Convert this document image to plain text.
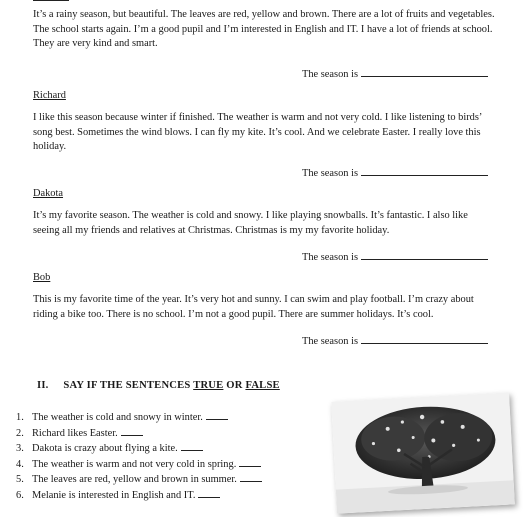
It’s a rainy season, but beautiful. The leaves are red, yellow and brown. There are a lot of fruits and vegetables. The school starts again. I’m a good pupil and I’m interested in English and IT. I have a lot of friends at school. They are very kind and smart.

The season is
Richard

I like this season because winter if finished. The weather is warm and not very cold. I like listening to birds’ song best. Sometimes the wind blows. I can fly my kite. It’s cool. And we celebrate Easter. I really love this holiday.

The season is
Dakota

It’s my favorite season. The weather is cold and snowy. I like playing snowballs. It’s fantastic. I also like seeing all my friends and relatives at Christmas. Christmas is my my favorite holiday.

The season is
Bob

This is my favorite time of the year. It’s very hot and sunny. I can swim and play football. I’m crazy about riding a bike too. There is no school. I’m not a good pupil. There are summer holidays. It’s cool.

The season is
II. SAY IF THE SENTENCES TRUE OR FALSE
1. The weather is cold and snowy in winter.
2. Richard likes Easter.
3. Dakota is crazy about flying a kite.
4. The weather is warm and not very cold in spring.
5. The leaves are red, yellow and brown in summer.
6. Melanie is interested in English and IT.
